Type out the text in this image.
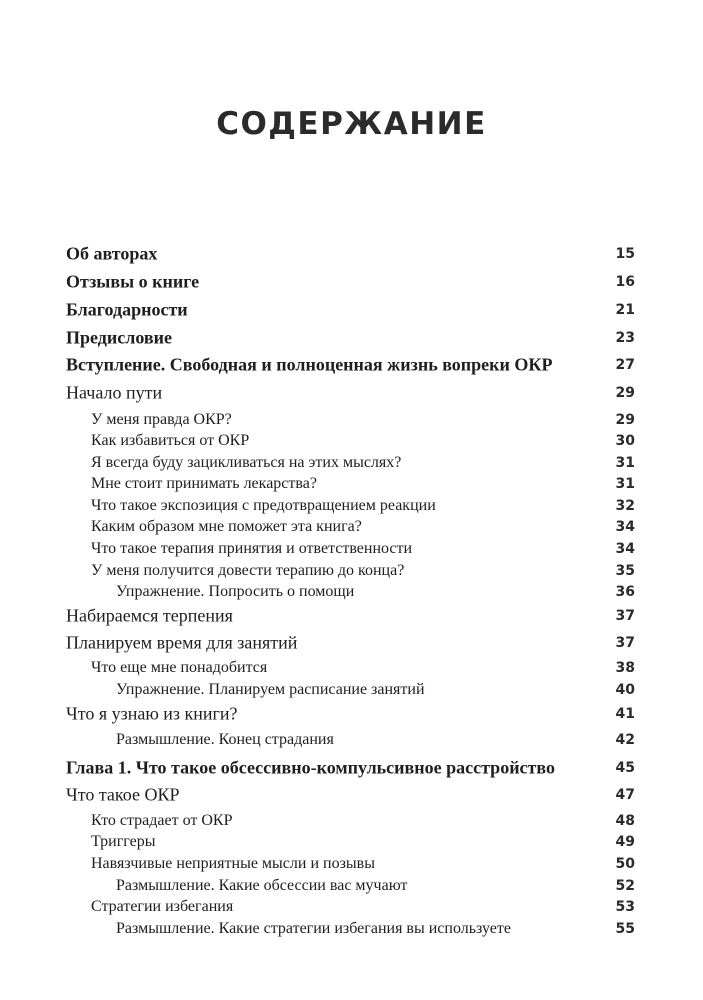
СОДЕРЖАНИЕ
Об авторах	15
Отзывы о книге	16
Благодарности	21
Предисловие	23
Вступление. Свободная и полноценная жизнь вопреки ОКР	27
Начало пути	29
У меня правда ОКР?	29
Как избавиться от ОКР	30
Я всегда буду зацикливаться на этих мыслях?	31
Мне стоит принимать лекарства?	31
Что такое экспозиция с предотвращением реакции	32
Каким образом мне поможет эта книга?	34
Что такое терапия принятия и ответственности	34
У меня получится довести терапию до конца?	35
Упражнение. Попросить о помощи	36
Набираемся терпения	37
Планируем время для занятий	37
Что еще мне понадобится	38
Упражнение. Планируем расписание занятий	40
Что я узнаю из книги?	41
Размышление. Конец страдания	42
Глава 1. Что такое обсессивно-компульсивное расстройство	45
Что такое ОКР	47
Кто страдает от ОКР	48
Триггеры	49
Навязчивые неприятные мысли и позывы	50
Размышление. Какие обсессии вас мучают	52
Стратегии избегания	53
Размышление. Какие стратегии избегания вы используете	55
